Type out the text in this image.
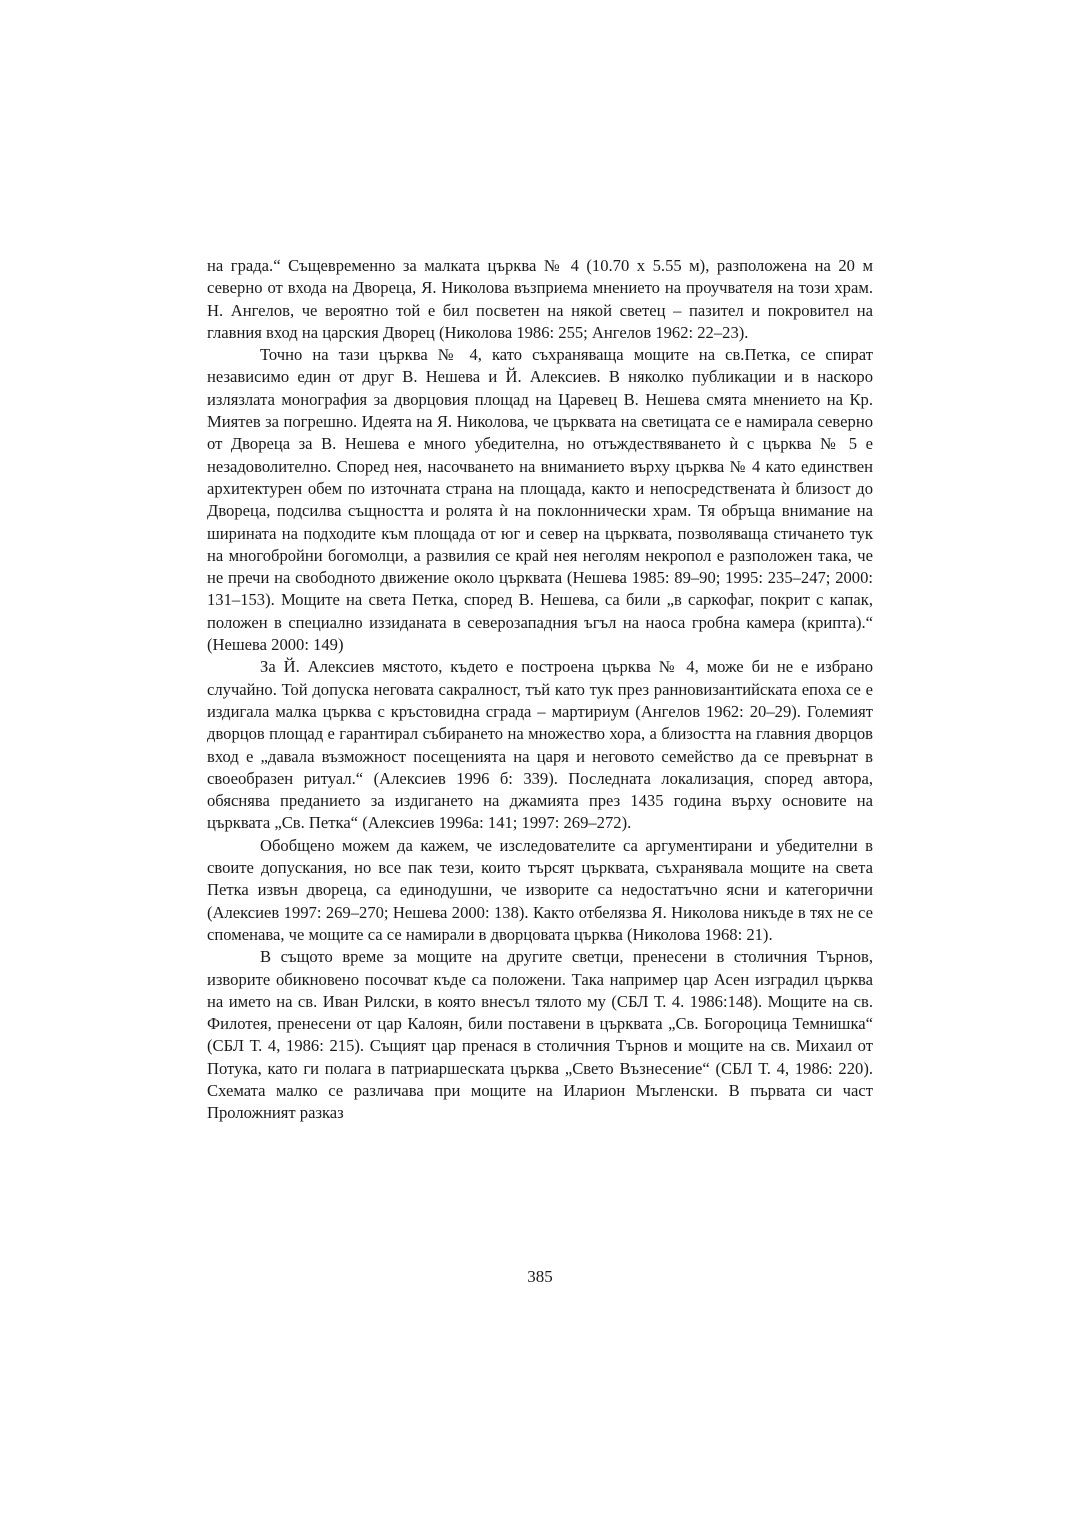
на града.“ Същевременно за малката църква № 4 (10.70 x 5.55 м), разположена на 20 м северно от входа на Двореца, Я. Николова възприема мнението на проучвателя на този храм. Н. Ангелов, че вероятно той е бил посветен на някой светец – пазител и покровител на главния вход на царския Дворец (Николова 1986: 255; Ангелов 1962: 22–23).

Точно на тази църква № 4, като съхраняваща мощите на св.Петка, се спират независимо един от друг В. Нешева и Й. Алексиев. В няколко публикации и в наскоро излязлата монография за дворцовия площад на Царевец В. Нешева смята мнението на Кр. Миятев за погрешно. Идеята на Я. Николова, че църквата на светицата се е намирала северно от Двореца за В. Нешева е много убедителна, но отъждествяването ѝ с църква № 5 е незадоволително. Според нея, насочването на вниманието върху църква № 4 като единствен архитектурен обем по източната страна на площада, както и непосредствената ѝ близост до Двореца, подсилва същността и ролята ѝ на поклоннически храм. Тя обръща внимание на ширината на подходите към площада от юг и север на църквата, позволяваща стичането тук на многобройни богомолци, а развилия се край нея неголям некропол е разположен така, че не пречи на свободното движение около църквата (Нешева 1985: 89–90; 1995: 235–247; 2000: 131–153). Мощите на света Петка, според В. Нешева, са били „в саркофаг, покрит с капак, положен в специално иззиданата в северозападния ъгъл на наоса гробна камера (крипта).“ (Нешева 2000: 149)

За Й. Алексиев мястото, където е построена църква № 4, може би не е избрано случайно. Той допуска неговата сакралност, тъй като тук през ранновизантийската епоха се е издигала малка църква с кръстовидна сграда – мартириум (Ангелов 1962: 20–29). Големият дворцов площад е гарантирал събирането на множество хора, а близостта на главния дворцов вход е „давала възможност посещенията на царя и неговото семейство да се превърнат в своеобразен ритуал.“ (Алексиев 1996 б: 339). Последната локализация, според автора, обяснява преданието за издигането на джамията през 1435 година върху основите на църквата „Св. Петка“ (Алексиев 1996а: 141; 1997: 269–272).

Обобщено можем да кажем, че изследователите са аргументирани и убедителни в своите допускания, но все пак тези, които търсят църквата, съхранявала мощите на света Петка извън двореца, са единодушни, че изворите са недостатъчно ясни и категорични (Алексиев 1997: 269–270; Нешева 2000: 138). Както отбелязва Я. Николова никъде в тях не се споменава, че мощите са се намирали в дворцовата църква (Николова 1968: 21).

В същото време за мощите на другите светци, пренесени в столичния Търнов, изворите обикновено посочват къде са положени. Така например цар Асен изградил църква на името на св. Иван Рилски, в която внесъл тялото му (СБЛ Т. 4. 1986:148). Мощите на св. Филотея, пренесени от цар Калоян, били поставени в църквата „Св. Богороцица Темнишка“ (СБЛ Т. 4, 1986: 215). Същият цар пренася в столичния Търнов и мощите на св. Михаил от Потука, като ги полага в патриаршеската църква „Свето Възнесение“ (СБЛ Т. 4, 1986: 220). Схемата малко се различава при мощите на Иларион Мъгленски. В първата си част Проложният разказ

385
